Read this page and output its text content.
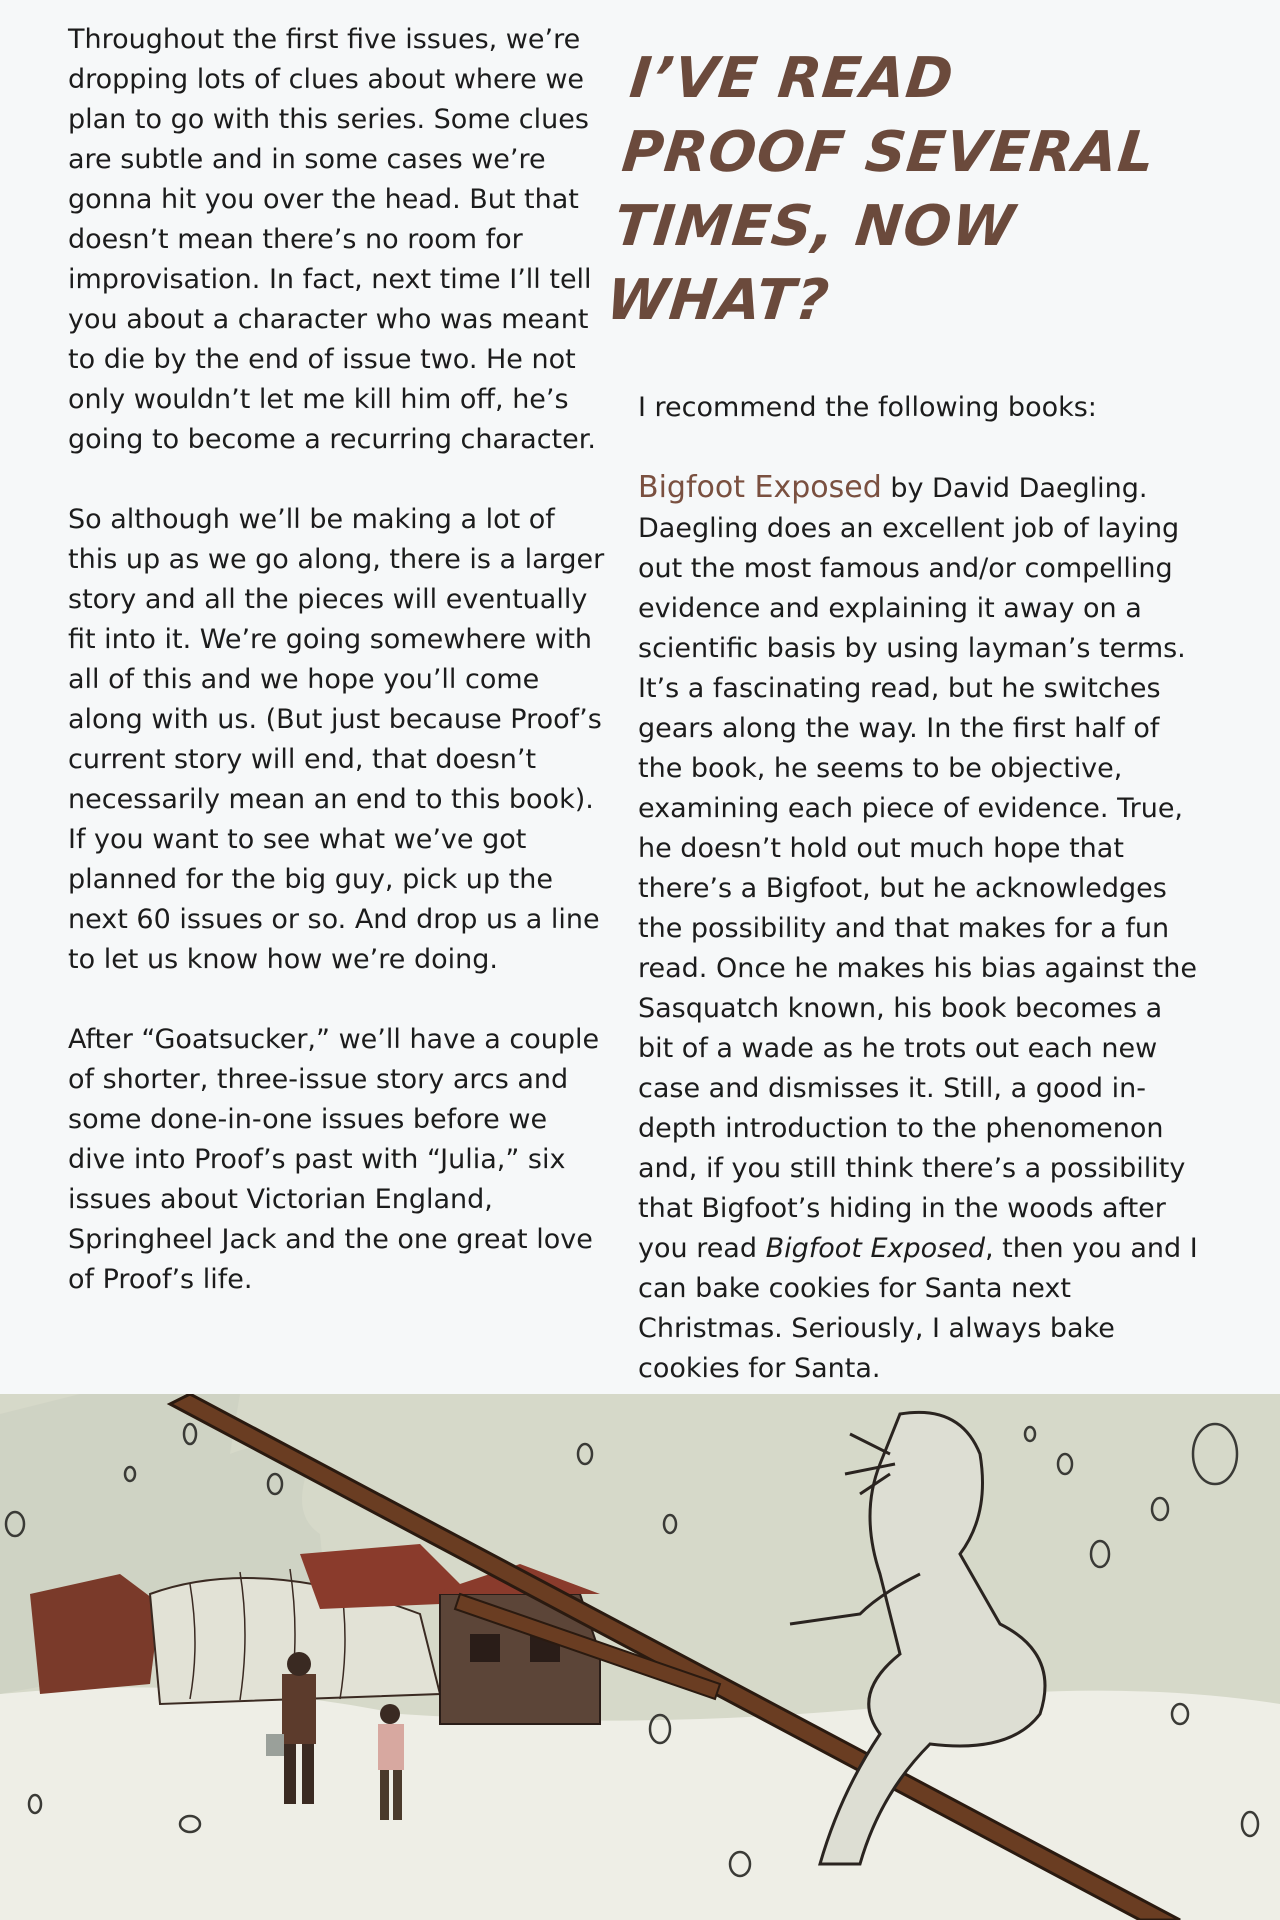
Throughout the first five issues, we’re dropping lots of clues about where we plan to go with this series. Some clues are subtle and in some cases we’re gonna hit you over the head. But that doesn’t mean there’s no room for improvisation. In fact, next time I’ll tell you about a character who was meant to die by the end of issue two. He not only wouldn’t let me kill him off, he’s going to become a recurring character.

So although we’ll be making a lot of this up as we go along, there is a larger story and all the pieces will eventually fit into it. We’re going somewhere with all of this and we hope you’ll come along with us. (But just because Proof’s current story will end, that doesn’t necessarily mean an end to this book). If you want to see what we’ve got planned for the big guy, pick up the next 60 issues or so. And drop us a line to let us know how we’re doing.

After “Goatsucker,” we’ll have a couple of shorter, three-issue story arcs and some done-in-one issues before we dive into Proof’s past with “Julia,” six issues about Victorian England, Springheel Jack and the one great love of Proof’s life.

I’VE READ PROOF SEVERAL TIMES, NOW WHAT?

I recommend the following books:

Bigfoot Exposed by David Daegling. Daegling does an excellent job of laying out the most famous and/or compelling evidence and explaining it away on a scientific basis by using layman’s terms. It’s a fascinating read, but he switches gears along the way. In the first half of the book, he seems to be objective, examining each piece of evidence. True, he doesn’t hold out much hope that there’s a Bigfoot, but he acknowledges the possibility and that makes for a fun read. Once he makes his bias against the Sasquatch known, his book becomes a bit of a wade as he trots out each new case and dismisses it. Still, a good in-depth introduction to the phenomenon and, if you still think there’s a possibility that Bigfoot’s hiding in the woods after you read Bigfoot Exposed, then you and I can bake cookies for Santa next Christmas. Seriously, I always bake cookies for Santa.
